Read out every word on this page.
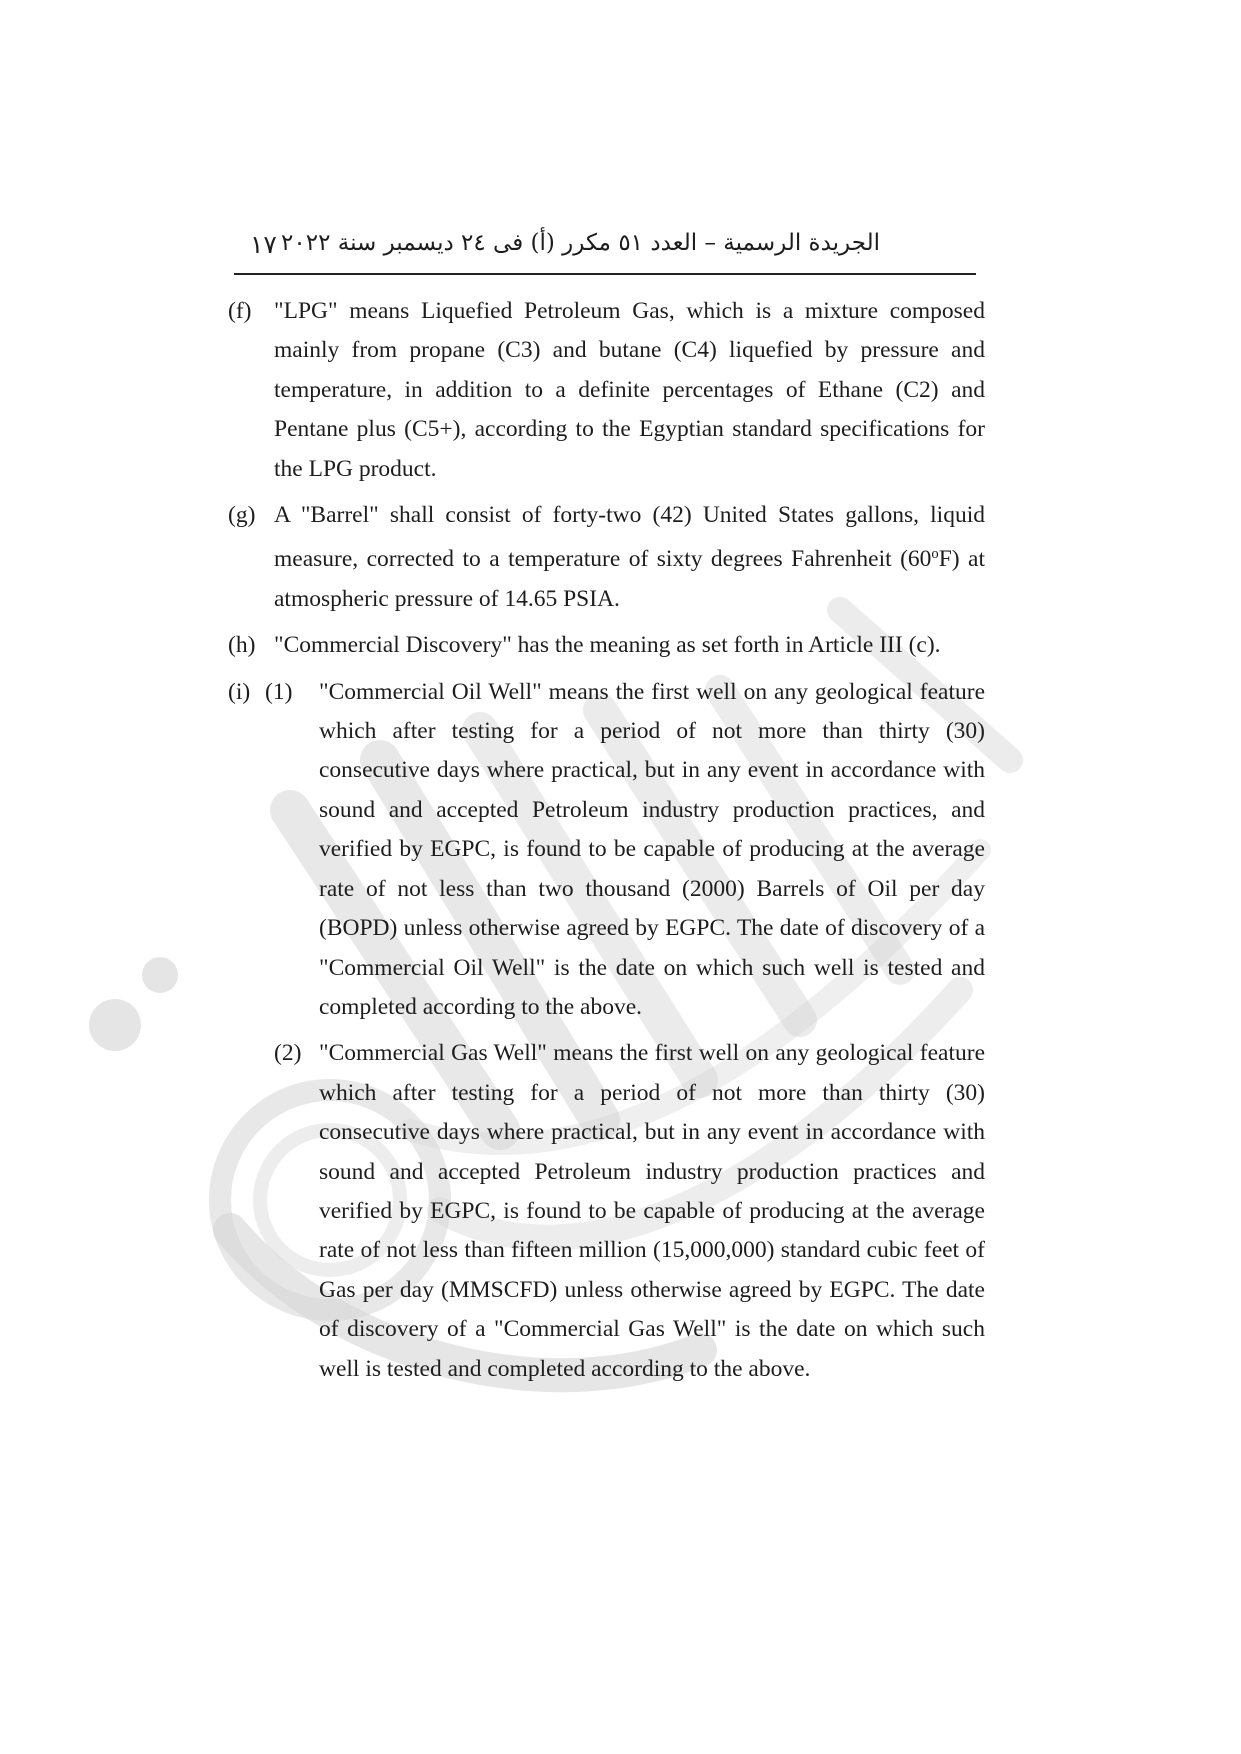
١٧ الجريدة الرسمية – العدد ٥١ مكرر (أ) فى ٢٤ ديسمبر سنة ٢٠٢٢
(f) "LPG" means Liquefied Petroleum Gas, which is a mixture composed mainly from propane (C3) and butane (C4) liquefied by pressure and temperature, in addition to a definite percentages of Ethane (C2) and Pentane plus (C5+), according to the Egyptian standard specifications for the LPG product.
(g) A "Barrel" shall consist of forty-two (42) United States gallons, liquid measure, corrected to a temperature of sixty degrees Fahrenheit (60$^o$F) at atmospheric pressure of 14.65 PSIA.
(h) "Commercial Discovery" has the meaning as set forth in Article III (c).
(i) (1) "Commercial Oil Well" means the first well on any geological feature which after testing for a period of not more than thirty (30) consecutive days where practical, but in any event in accordance with sound and accepted Petroleum industry production practices, and verified by EGPC, is found to be capable of producing at the average rate of not less than two thousand (2000) Barrels of Oil per day (BOPD) unless otherwise agreed by EGPC. The date of discovery of a "Commercial Oil Well" is the date on which such well is tested and completed according to the above.
(2) "Commercial Gas Well" means the first well on any geological feature which after testing for a period of not more than thirty (30) consecutive days where practical, but in any event in accordance with sound and accepted Petroleum industry production practices and verified by EGPC, is found to be capable of producing at the average rate of not less than fifteen million (15,000,000) standard cubic feet of Gas per day (MMSCFD) unless otherwise agreed by EGPC. The date of discovery of a "Commercial Gas Well" is the date on which such well is tested and completed according to the above.
